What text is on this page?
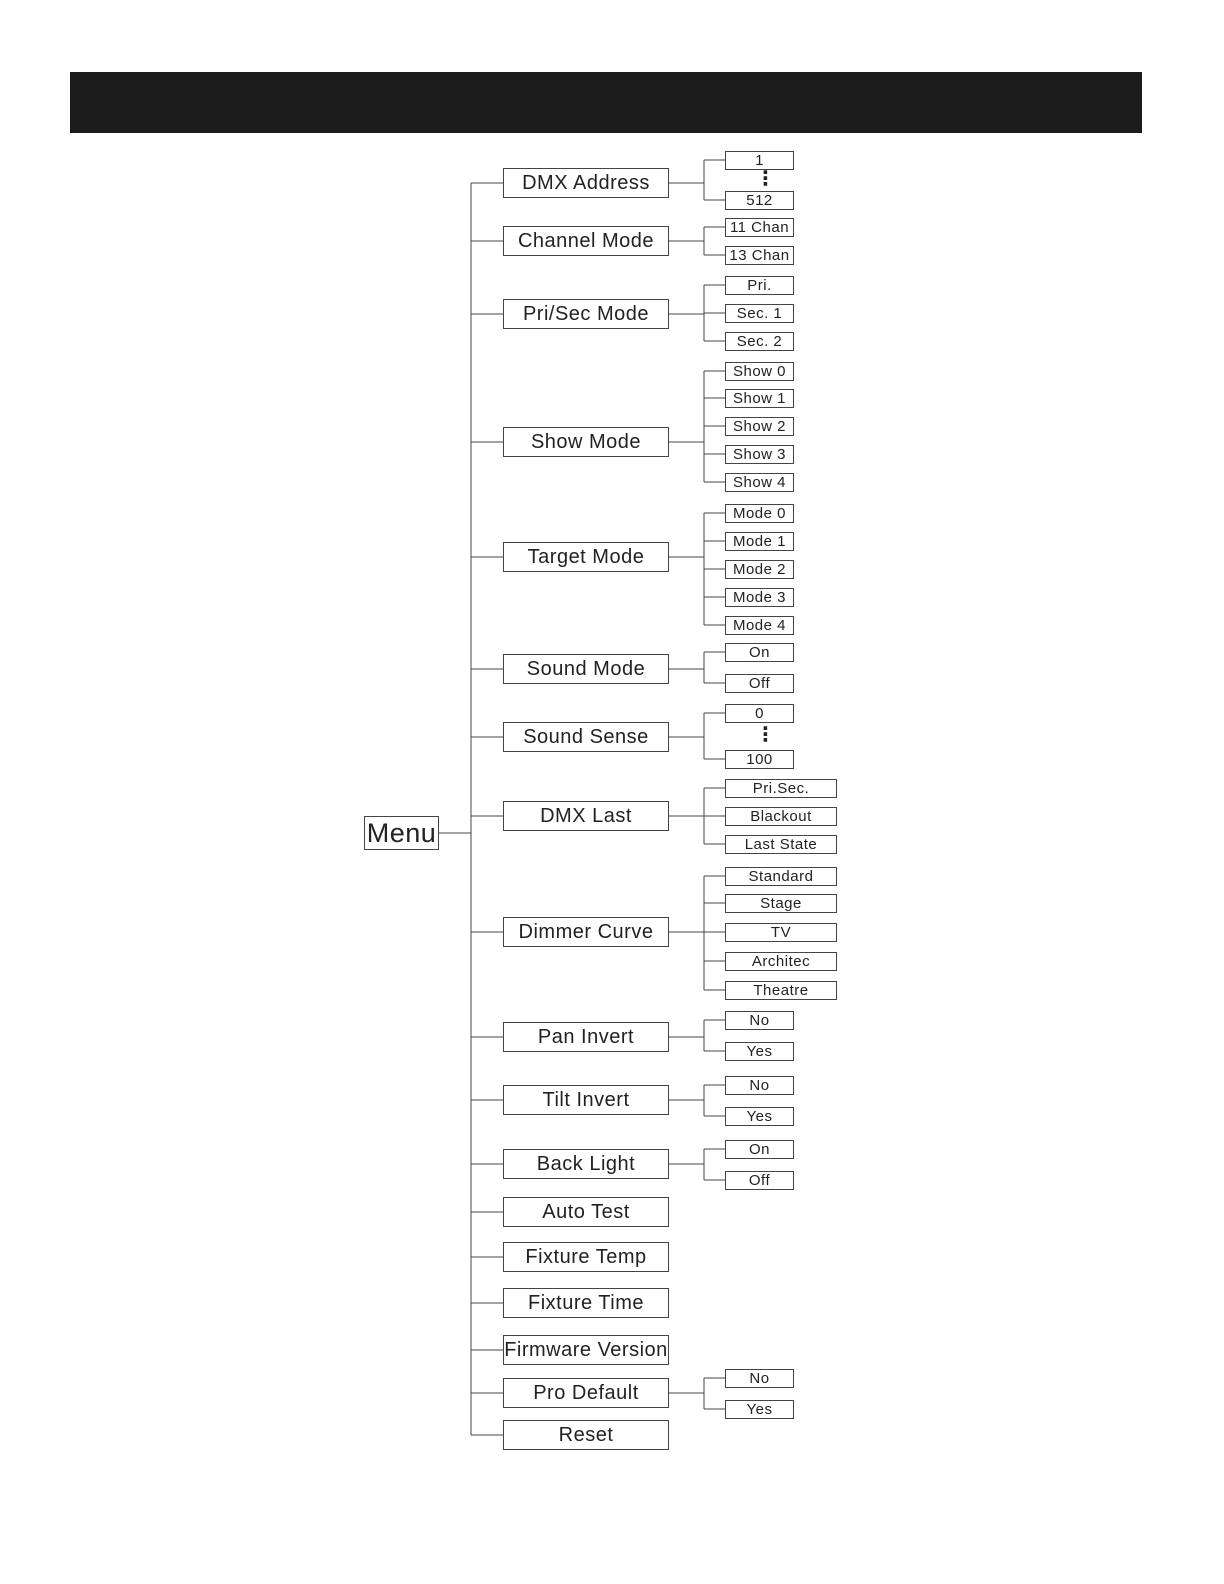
Menu
DMX Address
1
512
⋮
Channel Mode
11 Chan
13 Chan
Pri/Sec Mode
Pri.
Sec. 1
Sec. 2
Show Mode
Show 0
Show 1
Show 2
Show 3
Show 4
Target Mode
Mode 0
Mode 1
Mode 2
Mode 3
Mode 4
Sound Mode
On
Off
Sound Sense
0
100
⋮
DMX Last
Pri.Sec.
Blackout
Last State
Dimmer Curve
Standard
Stage
TV
Architec
Theatre
Pan Invert
No
Yes
Tilt Invert
No
Yes
Back Light
On
Off
Auto Test
Fixture Temp
Fixture Time
Firmware Version
Pro Default
No
Yes
Reset
